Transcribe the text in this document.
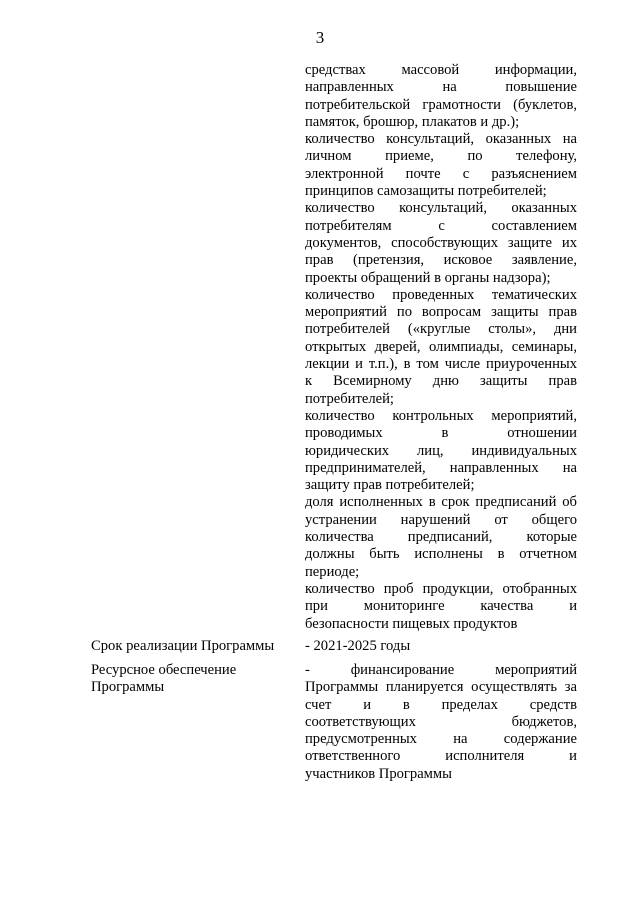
3
средствах массовой информации,
направленных на повышение
потребительской грамотности (буклетов,
памяток, брошюр, плакатов и др.);
количество консультаций, оказанных на
личном приеме, по телефону,
электронной почте с разъяснением
принципов самозащиты потребителей;
количество консультаций, оказанных
потребителям с составлением
документов, способствующих защите их
прав (претензия, исковое заявление,
проекты обращений в органы надзора);
количество проведенных тематических
мероприятий по вопросам защиты прав
потребителей («круглые столы», дни
открытых дверей, олимпиады, семинары,
лекции и т.п.), в том числе приуроченных
к Всемирному дню защиты прав
потребителей;
количество контрольных мероприятий,
проводимых в отношении
юридических лиц, индивидуальных
предпринимателей, направленных на
защиту прав потребителей;
доля исполненных в срок предписаний об
устранении нарушений от общего
количества предписаний, которые
должны быть исполнены в отчетном
периоде;
количество проб продукции, отобранных
при мониторинге качества и
безопасности пищевых продуктов
Срок реализации Программы	- 2021-2025 годы
Ресурсное обеспечение
Программы
- финансирование мероприятий
Программы планируется осуществлять за
счет и в пределах средств
соответствующих бюджетов,
предусмотренных на содержание
ответственного исполнителя и
участников Программы
